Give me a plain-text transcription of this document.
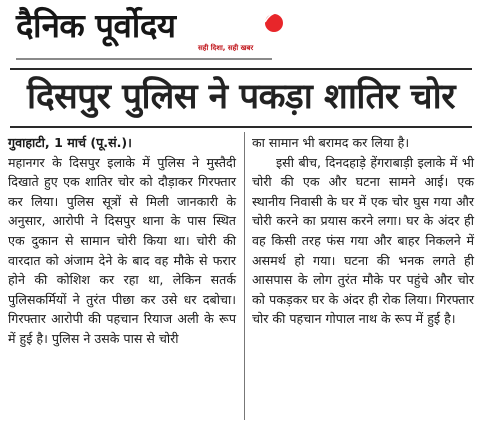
दैनिक पूर्वोदय
सही दिशा, सही खबर
दिसपुर पुलिस ने पकड़ा शातिर चोर

गुवाहाटी, 1 मार्च (पू.सं.)।

महानगर के दिसपुर इलाके में पुलिस ने मुस्तैदी दिखाते हुए एक शातिर चोर को दौड़ाकर गिरफ्तार कर लिया। पुलिस सूत्रों से मिली जानकारी के अनुसार, आरोपी ने दिसपुर थाना के पास स्थित एक दुकान से सामान चोरी किया था। चोरी की वारदात को अंजाम देने के बाद वह मौके से फरार होने की कोशिश कर रहा था, लेकिन सतर्क पुलिसकर्मियों ने तुरंत पीछा कर उसे धर दबोचा। गिरफ्तार आरोपी की पहचान रियाज अली के रूप में हुई है। पुलिस ने उसके पास से चोरी

का सामान भी बरामद कर लिया है।

इसी बीच, दिनदहाड़े हेंगराबाड़ी इलाके में भी चोरी की एक और घटना सामने आई। एक स्थानीय निवासी के घर में एक चोर घुस गया और चोरी करने का प्रयास करने लगा। घर के अंदर ही वह किसी तरह फंस गया और बाहर निकलने में असमर्थ हो गया। घटना की भनक लगते ही आसपास के लोग तुरंत मौके पर पहुंचे और चोर को पकड़कर घर के अंदर ही रोक लिया। गिरफ्तार चोर की पहचान गोपाल नाथ के रूप में हुई है।
